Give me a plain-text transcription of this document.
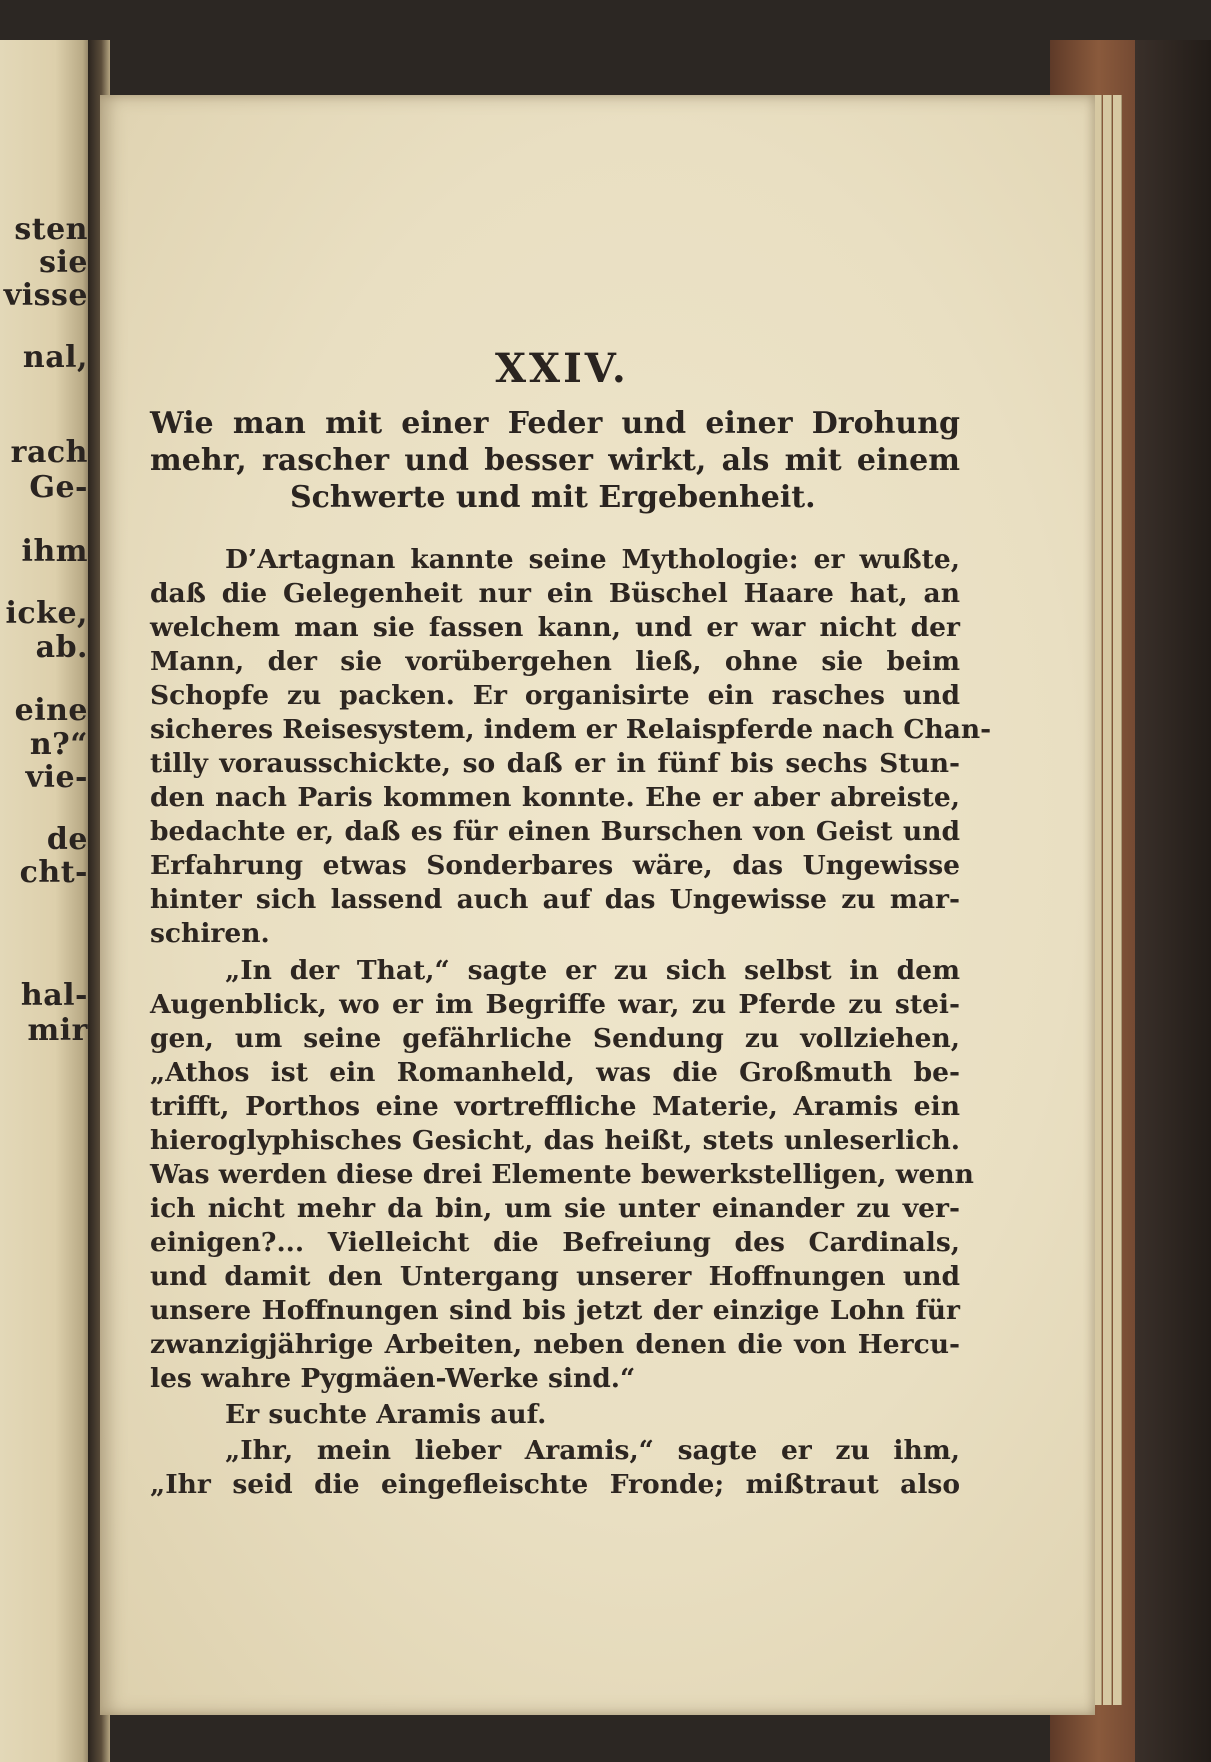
sten
sie
visse
nal,
rach
Ge-
ihm
icke,
ab.
eine
n?“
vie-
de
cht-
hal-
mir
XXIV.
Wie man mit einer Feder und einer Drohung
mehr, rascher und besser wirkt, als mit einem
Schwerte und mit Ergebenheit.
D’Artagnan kannte seine Mythologie: er wußte,
daß die Gelegenheit nur ein Büschel Haare hat, an
welchem man sie fassen kann, und er war nicht der
Mann, der sie vorübergehen ließ, ohne sie beim
Schopfe zu packen. Er organisirte ein rasches und
sicheres Reisesystem, indem er Relaispferde nach Chan-
tilly vorausschickte, so daß er in fünf bis sechs Stun-
den nach Paris kommen konnte. Ehe er aber abreiste,
bedachte er, daß es für einen Burschen von Geist und
Erfahrung etwas Sonderbares wäre, das Ungewisse
hinter sich lassend auch auf das Ungewisse zu mar-
schiren.
„In der That,“ sagte er zu sich selbst in dem
Augenblick, wo er im Begriffe war, zu Pferde zu stei-
gen, um seine gefährliche Sendung zu vollziehen,
„Athos ist ein Romanheld, was die Großmuth be-
trifft, Porthos eine vortreffliche Materie, Aramis ein
hieroglyphisches Gesicht, das heißt, stets unleserlich.
Was werden diese drei Elemente bewerkstelligen, wenn
ich nicht mehr da bin, um sie unter einander zu ver-
einigen?... Vielleicht die Befreiung des Cardinals,
und damit den Untergang unserer Hoffnungen und
unsere Hoffnungen sind bis jetzt der einzige Lohn für
zwanzigjährige Arbeiten, neben denen die von Hercu-
les wahre Pygmäen-Werke sind.“
Er suchte Aramis auf.
„Ihr, mein lieber Aramis,“ sagte er zu ihm,
„Ihr seid die eingefleischte Fronde; mißtraut also
